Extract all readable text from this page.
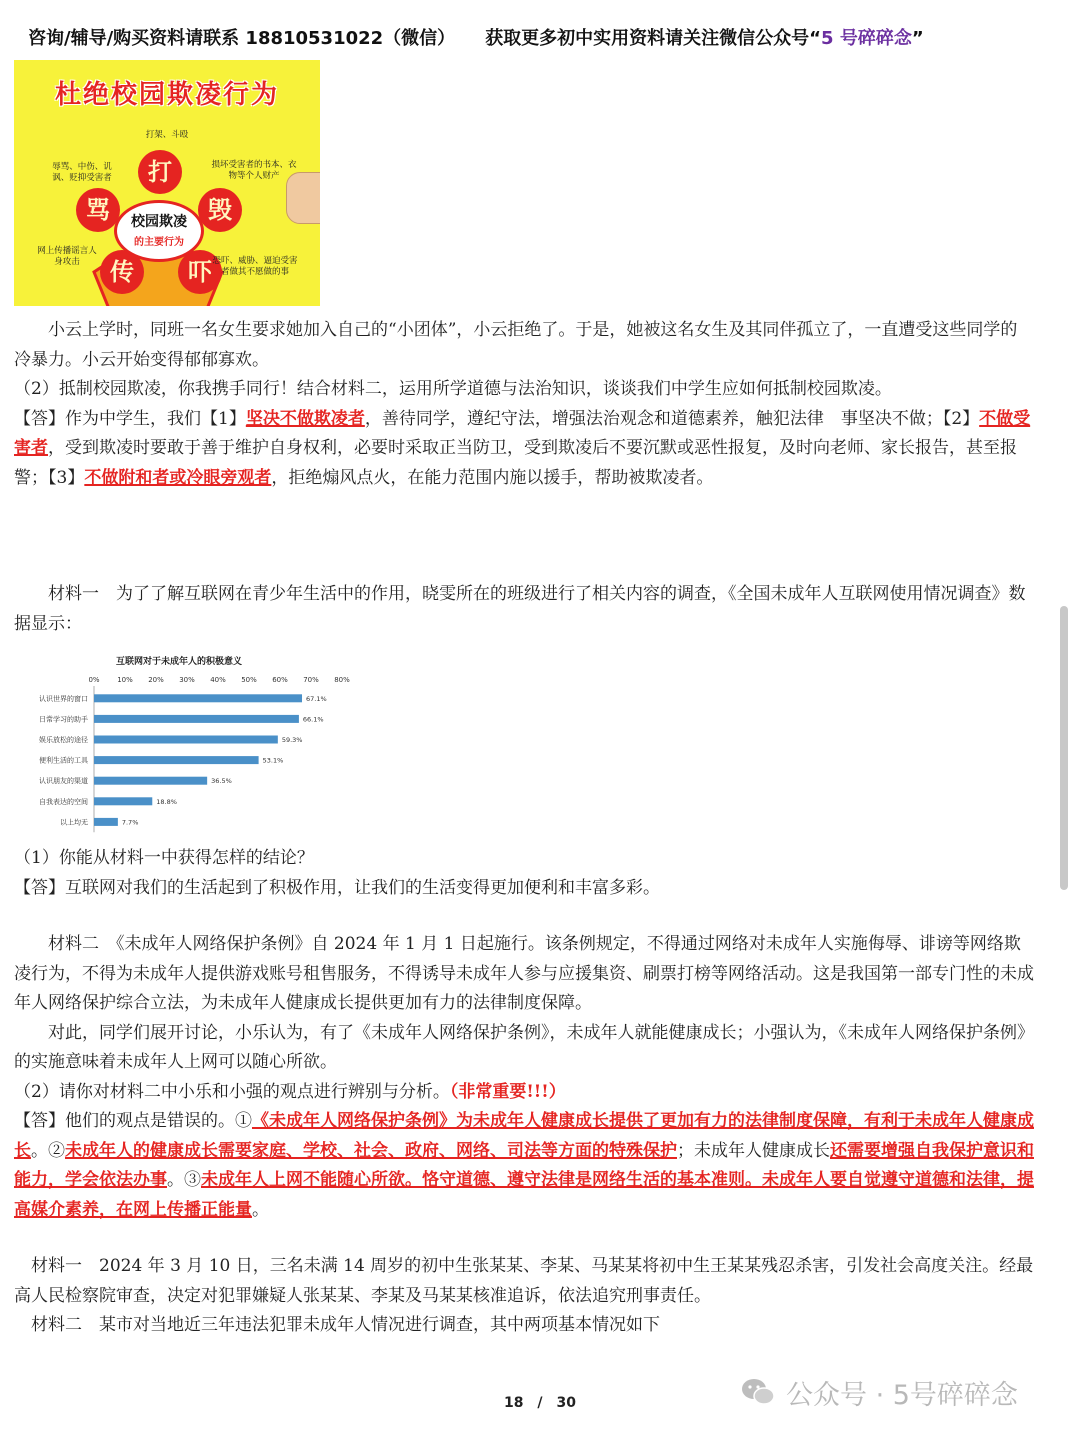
咨询/辅导/购买资料请联系 18810531022（微信） 获取更多初中实用资料请关注微信公众号“5 号碎碎念”
杜绝校园欺凌行为
打
毁
吓
传
骂	校园欺凌
的主要行为
打架、斗殴
损坏受害者的书本、衣物等个人财产
恐吓、威胁、逼迫受害者做其不愿做的事
网上传播谣言人身攻击
辱骂、中伤、讥讽、贬抑受害者

小云上学时，同班一名女生要求她加入自己的“小团体”，小云拒绝了。于是，她被这名女生及其同伴孤立了，一直遭受这些同学的冷暴力。小云开始变得郁郁寡欢。

（2）抵制校园欺凌，你我携手同行！结合材料二，运用所学道德与法治知识，谈谈我们中学生应如何抵制校园欺凌。

【答】作为中学生，我们【1】坚决不做欺凌者，善待同学，遵纪守法，增强法治观念和道德素养，触犯法律　事坚决不做；【2】不做受害者，受到欺凌时要敢于善于维护自身权利，必要时采取正当防卫，受到欺凌后不要沉默或恶性报复，及时向老师、家长报告，甚至报警；【3】不做附和者或冷眼旁观者，拒绝煽风点火，在能力范围内施以援手，帮助被欺凌者。

材料一　为了了解互联网在青少年生活中的作用，晓雯所在的班级进行了相关内容的调查，《全国未成年人互联网使用情况调查》数据显示：

互联网对于未成年人的积极意义
0%	10% 20% 30% 40% 50% 60% 70% 80%
认识世界的窗口	67.1%
日常学习的助手	66.1%
娱乐放松的途径	59.3%
便利生活的工具	53.1%
认识朋友的渠道	36.5%
自我表达的空间	18.8%
以上均无	7.7%

（1）你能从材料一中获得怎样的结论？

【答】互联网对我们的生活起到了积极作用，让我们的生活变得更加便利和丰富多彩。

材料二　《未成年人网络保护条例》自 2024 年 1 月 1 日起施行。该条例规定，不得通过网络对未成年人实施侮辱、诽谤等网络欺凌行为，不得为未成年人提供游戏账号租售服务，不得诱导未成年人参与应援集资、刷票打榜等网络活动。这是我国第一部专门性的未成年人网络保护综合立法，为未成年人健康成长提供更加有力的法律制度保障。

对此，同学们展开讨论，小乐认为，有了《未成年人网络保护条例》，未成年人就能健康成长；小强认为，《未成年人网络保护条例》的实施意味着未成年人上网可以随心所欲。

（2）请你对材料二中小乐和小强的观点进行辨别与分析。（非常重要!!!）

【答】他们的观点是错误的。①《未成年人网络保护条例》为未成年人健康成长提供了更加有力的法律制度保障，有利于未成年人健康成长。②未成年人的健康成长需要家庭、学校、社会、政府、网络、司法等方面的特殊保护；未成年人健康成长还需要增强自我保护意识和能力，学会依法办事。③未成年人上网不能随心所欲。恪守道德、遵守法律是网络生活的基本准则。未成年人要自觉遵守道德和法律，提高媒介素养，在网上传播正能量。

材料一　2024 年 3 月 10 日，三名未满 14 周岁的初中生张某某、李某、马某某将初中生王某某残忍杀害，引发社会高度关注。经最高人民检察院审查，决定对犯罪嫌疑人张某某、李某及马某某核准追诉，依法追究刑事责任。

材料二　某市对当地近三年违法犯罪未成年人情况进行调查，其中两项基本情况如下

18　/　30	公众号 · 5号碎碎念
